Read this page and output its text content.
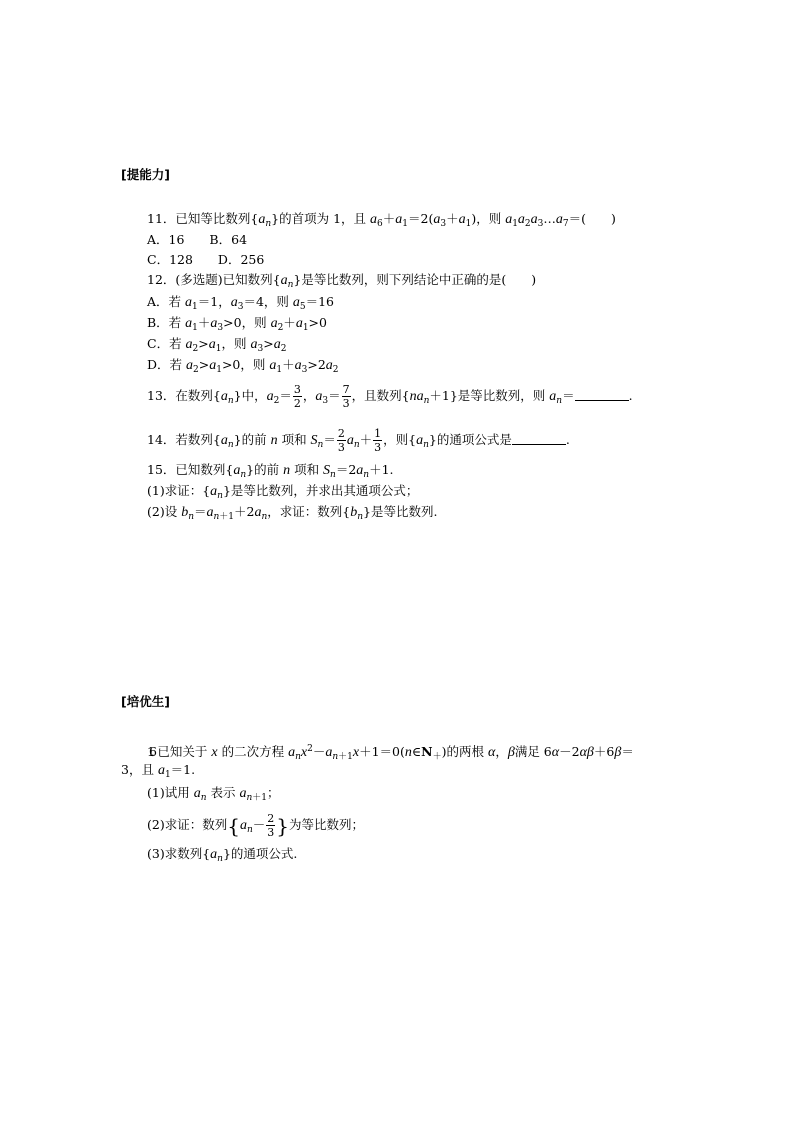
[提能力]
11．已知等比数列$\{a_n\}$的首项为 1，且 $a_6+a_1=2(a_3+a_1)$，则 $a_1a_2a_3\dots a_7=$(　　)
A．16　　B．64
C．128　　D．256
12．(多选题)已知数列$\{a_n\}$是等比数列，则下列结论中正确的是(　　)
A．若 $a_1=1$，$a_3=4$，则 $a_5=16$
B．若 $a_1+a_3>0$，则 $a_2+a_1>0$
C．若 $a_2>a_1$，则 $a_3>a_2$
D．若 $a_2>a_1>0$，则 $a_1+a_3>2a_2$
13．在数列$\{a_n\}$中，$a_2= \frac{3}{2}$ ，$a_3= \frac{7}{3}$ ，且数列$\{na_n+1\}$是等比数列，则 $a_n=$	.
14．若数列$\{a_n\}$的前 n 项和 $S_n= \frac{2}{3} a_n+ \frac{1}{3}$ ，则$\{a_n\}$的通项公式是	.
15．已知数列$\{a_n\}$的前 n 项和 $S_n=2a_n+1$.
(1)求证：$\{a_n\}$是等比数列，并求出其通项公式；
(2)设 $b_n=a_{n+1}+2a_n$，求证：数列$\{b_n\}$是等比数列.
[培优生]
16．已知关于 x 的二次方程 $a_nx^2-a_{n+1}x+1=0(n\in N_+)$的两根 α，β满足 6α－2αβ＋6β＝
3，且 $a_1=1$.
(1)试用 $a_n$ 表示 $a_{n+1}$；
(2)求证：数列{$a_n- \frac{2}{3}$ }为等比数列；
(3)求数列$\{a_n\}$的通项公式.
